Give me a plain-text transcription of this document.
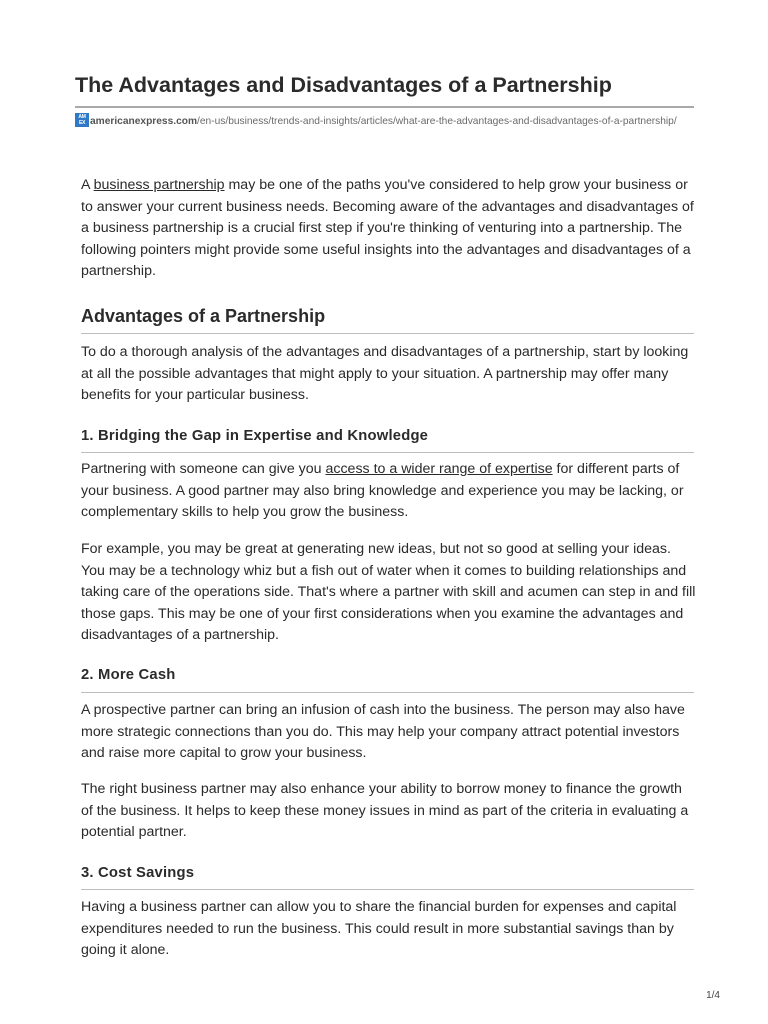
The Advantages and Disadvantages of a Partnership
AM EX americanexpress.com/en-us/business/trends-and-insights/articles/what-are-the-advantages-and-disadvantages-of-a-partnership/

A business partnership may be one of the paths you've considered to help grow your business or to answer your current business needs. Becoming aware of the advantages and disadvantages of a business partnership is a crucial first step if you're thinking of venturing into a partnership. The following pointers might provide some useful insights into the advantages and disadvantages of a partnership.

Advantages of a Partnership

To do a thorough analysis of the advantages and disadvantages of a partnership, start by looking at all the possible advantages that might apply to your situation. A partnership may offer many benefits for your particular business.

1. Bridging the Gap in Expertise and Knowledge

Partnering with someone can give you access to a wider range of expertise for different parts of your business. A good partner may also bring knowledge and experience you may be lacking, or complementary skills to help you grow the business.

For example, you may be great at generating new ideas, but not so good at selling your ideas. You may be a technology whiz but a fish out of water when it comes to building relationships and taking care of the operations side. That's where a partner with skill and acumen can step in and fill those gaps. This may be one of your first considerations when you examine the advantages and disadvantages of a partnership.

2. More Cash

A prospective partner can bring an infusion of cash into the business. The person may also have more strategic connections than you do. This may help your company attract potential investors and raise more capital to grow your business.

The right business partner may also enhance your ability to borrow money to finance the growth of the business. It helps to keep these money issues in mind as part of the criteria in evaluating a potential partner.

3. Cost Savings

Having a business partner can allow you to share the financial burden for expenses and capital expenditures needed to run the business. This could result in more substantial savings than by going it alone.

1/4
